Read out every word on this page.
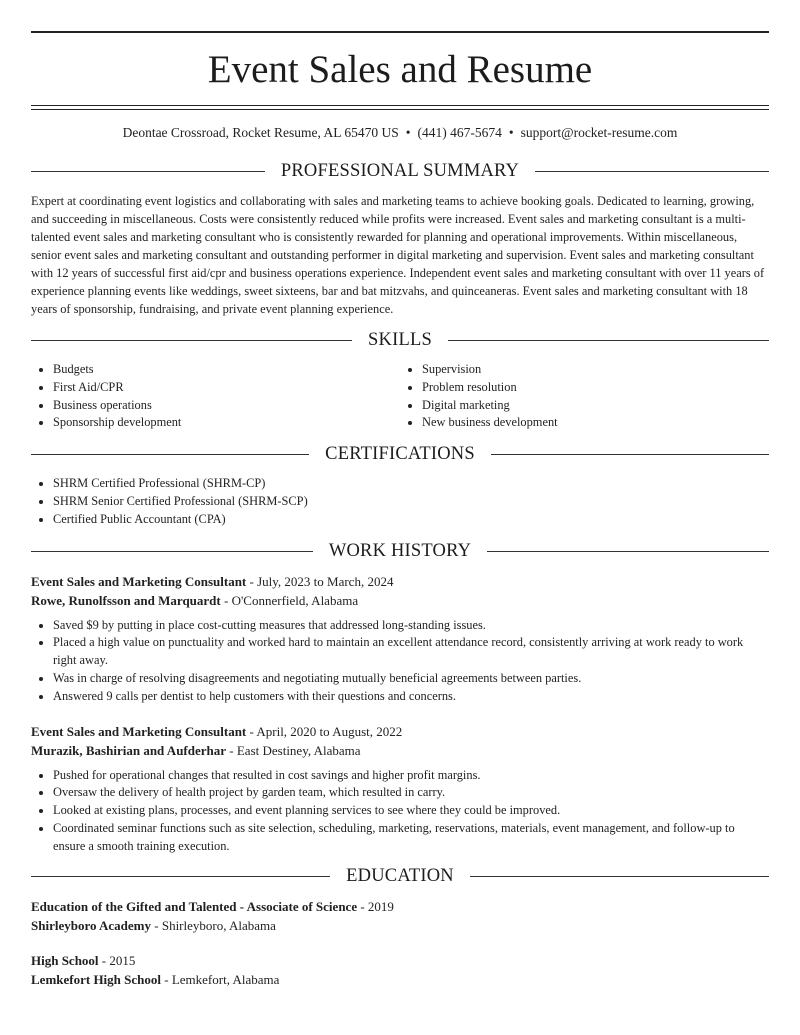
Event Sales and Resume
Deontae Crossroad, Rocket Resume, AL 65470 US • (441) 467-5674 • support@rocket-resume.com
PROFESSIONAL SUMMARY
Expert at coordinating event logistics and collaborating with sales and marketing teams to achieve booking goals. Dedicated to learning, growing, and succeeding in miscellaneous. Costs were consistently reduced while profits were increased. Event sales and marketing consultant is a multi-talented event sales and marketing consultant who is consistently rewarded for planning and operational improvements. Within miscellaneous, senior event sales and marketing consultant and outstanding performer in digital marketing and supervision. Event sales and marketing consultant with 12 years of successful first aid/cpr and business operations experience. Independent event sales and marketing consultant with over 11 years of experience planning events like weddings, sweet sixteens, bar and bat mitzvahs, and quinceaneras. Event sales and marketing consultant with 18 years of sponsorship, fundraising, and private event planning experience.
SKILLS
• Budgets
• First Aid/CPR
• Business operations
• Sponsorship development
• Supervision
• Problem resolution
• Digital marketing
• New business development
CERTIFICATIONS
• SHRM Certified Professional (SHRM-CP)
• SHRM Senior Certified Professional (SHRM-SCP)
• Certified Public Accountant (CPA)
WORK HISTORY
Event Sales and Marketing Consultant - July, 2023 to March, 2024
Rowe, Runolfsson and Marquardt - O'Connerfield, Alabama
• Saved $9 by putting in place cost-cutting measures that addressed long-standing issues.
• Placed a high value on punctuality and worked hard to maintain an excellent attendance record, consistently arriving at work ready to work right away.
• Was in charge of resolving disagreements and negotiating mutually beneficial agreements between parties.
• Answered 9 calls per dentist to help customers with their questions and concerns.
Event Sales and Marketing Consultant - April, 2020 to August, 2022
Murazik, Bashirian and Aufderhar - East Destiney, Alabama
• Pushed for operational changes that resulted in cost savings and higher profit margins.
• Oversaw the delivery of health project by garden team, which resulted in carry.
• Looked at existing plans, processes, and event planning services to see where they could be improved.
• Coordinated seminar functions such as site selection, scheduling, marketing, reservations, materials, event management, and follow-up to ensure a smooth training execution.
EDUCATION
Education of the Gifted and Talented - Associate of Science - 2019
Shirleyboro Academy - Shirleyboro, Alabama
High School - 2015
Lemkefort High School - Lemkefort, Alabama
